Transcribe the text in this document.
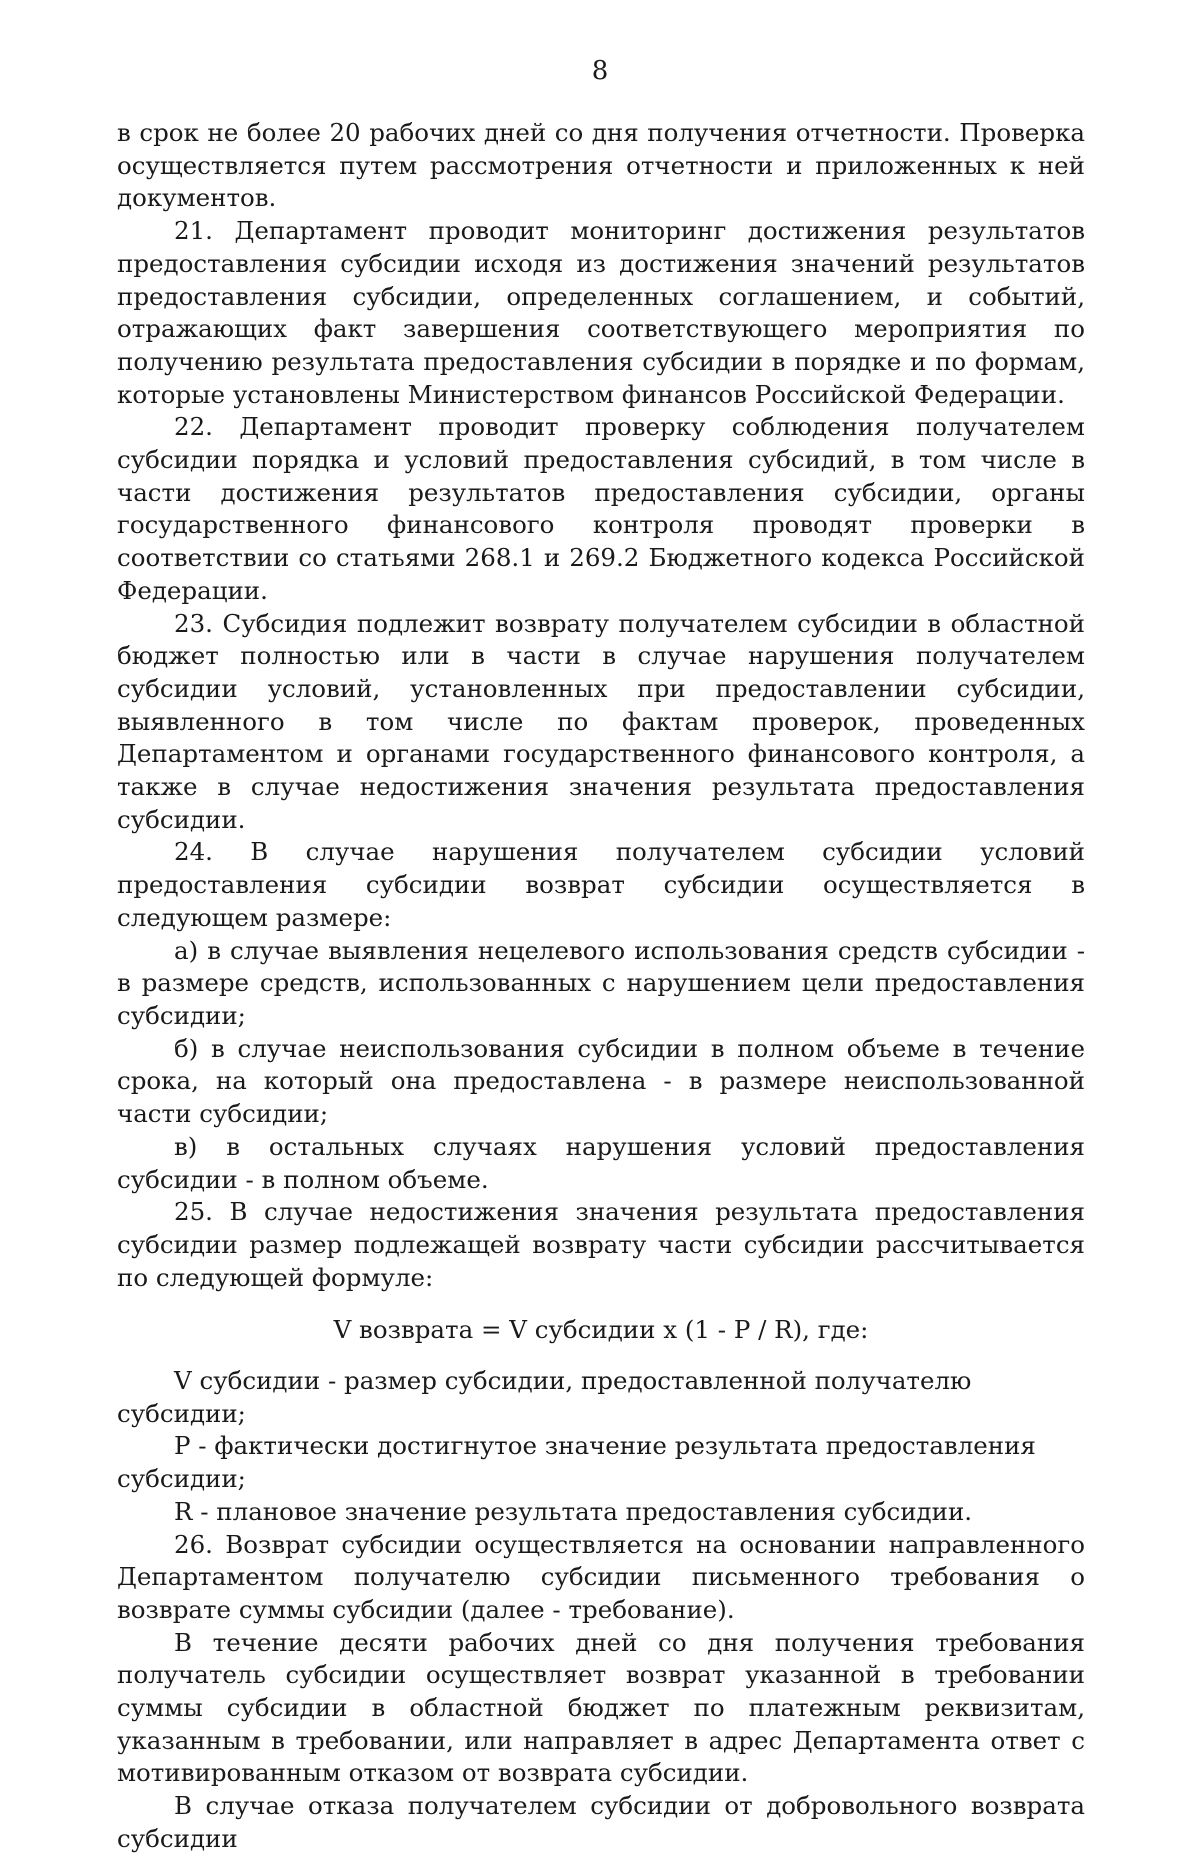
8

в срок не более 20 рабочих дней со дня получения отчетности. Проверка осуществляется путем рассмотрения отчетности и приложенных к ней документов.

21. Департамент проводит мониторинг достижения результатов предоставления субсидии исходя из достижения значений результатов предоставления субсидии, определенных соглашением, и событий, отражающих факт завершения соответствующего мероприятия по получению результата предоставления субсидии в порядке и по формам, которые установлены Министерством финансов Российской Федерации.

22. Департамент проводит проверку соблюдения получателем субсидии порядка и условий предоставления субсидий, в том числе в части достижения результатов предоставления субсидии, органы государственного финансового контроля проводят проверки в соответствии со статьями 268.1 и 269.2 Бюджетного кодекса Российской Федерации.

23. Субсидия подлежит возврату получателем субсидии в областной бюджет полностью или в части в случае нарушения получателем субсидии условий, установленных при предоставлении субсидии, выявленного в том числе по фактам проверок, проведенных Департаментом и органами государственного финансового контроля, а также в случае недостижения значения результата предоставления субсидии.

24. В случае нарушения получателем субсидии условий предоставления субсидии возврат субсидии осуществляется в следующем размере:

а) в случае выявления нецелевого использования средств субсидии - в размере средств, использованных с нарушением цели предоставления субсидии;

б) в случае неиспользования субсидии в полном объеме в течение срока, на который она предоставлена - в размере неиспользованной части субсидии;

в) в остальных случаях нарушения условий предоставления субсидии - в полном объеме.

25. В случае недостижения значения результата предоставления субсидии размер подлежащей возврату части субсидии рассчитывается по следующей формуле:

V возврата = V субсидии x (1 - P / R), где:

V субсидии - размер субсидии, предоставленной получателю субсидии;

P - фактически достигнутое значение результата предоставления субсидии;

R - плановое значение результата предоставления субсидии.

26. Возврат субсидии осуществляется на основании направленного Департаментом получателю субсидии письменного требования о возврате суммы субсидии (далее - требование).

В течение десяти рабочих дней со дня получения требования получатель субсидии осуществляет возврат указанной в требовании суммы субсидии в областной бюджет по платежным реквизитам, указанным в требовании, или направляет в адрес Департамента ответ с мотивированным отказом от возврата субсидии.

В случае отказа получателем субсидии от добровольного возврата субсидии
